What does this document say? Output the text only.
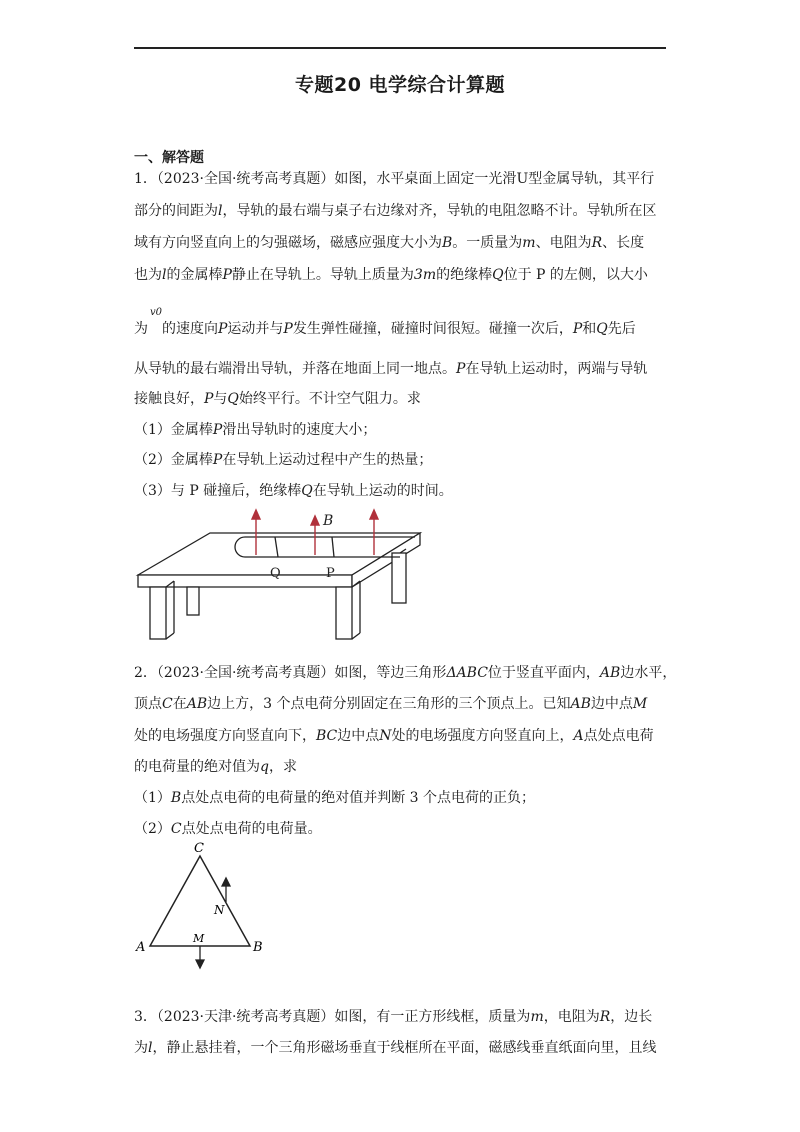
专题20 电学综合计算题
一、解答题
1．（2023·全国·统考高考真题）如图，水平桌面上固定一光滑U型金属导轨，其平行
部分的间距为l，导轨的最右端与桌子右边缘对齐，导轨的电阻忽略不计。导轨所在区
域有方向竖直向上的匀强磁场，磁感应强度大小为B。一质量为m、电阻为R、长度
也为l的金属棒P静止在导轨上。导轨上质量为3m的绝缘棒Q位于 P 的左侧，以大小
v0
为 的速度向P运动并与P发生弹性碰撞，碰撞时间很短。碰撞一次后，P和Q先后
从导轨的最右端滑出导轨，并落在地面上同一地点。P在导轨上运动时，两端与导轨
接触良好，P与Q始终平行。不计空气阻力。求
（1）金属棒P滑出导轨时的速度大小；
（2）金属棒P在导轨上运动过程中产生的热量；
（3）与 P 碰撞后，绝缘棒Q在导轨上运动的时间。
B
Q	P
2．（2023·全国·统考高考真题）如图，等边三角形ΔABC位于竖直平面内，AB边水平，
顶点C在AB边上方，3 个点电荷分别固定在三角形的三个顶点上。已知AB边中点M
处的电场强度方向竖直向下，BC边中点N处的电场强度方向竖直向上，A点处点电荷
的电荷量的绝对值为q，求
（1）B点处点电荷的电荷量的绝对值并判断 3 个点电荷的正负；
（2）C点处点电荷的电荷量。
C
N
A
M
B
3．（2023·天津·统考高考真题）如图，有一正方形线框，质量为m，电阻为R，边长
为l，静止悬挂着，一个三角形磁场垂直于线框所在平面，磁感线垂直纸面向里，且线
